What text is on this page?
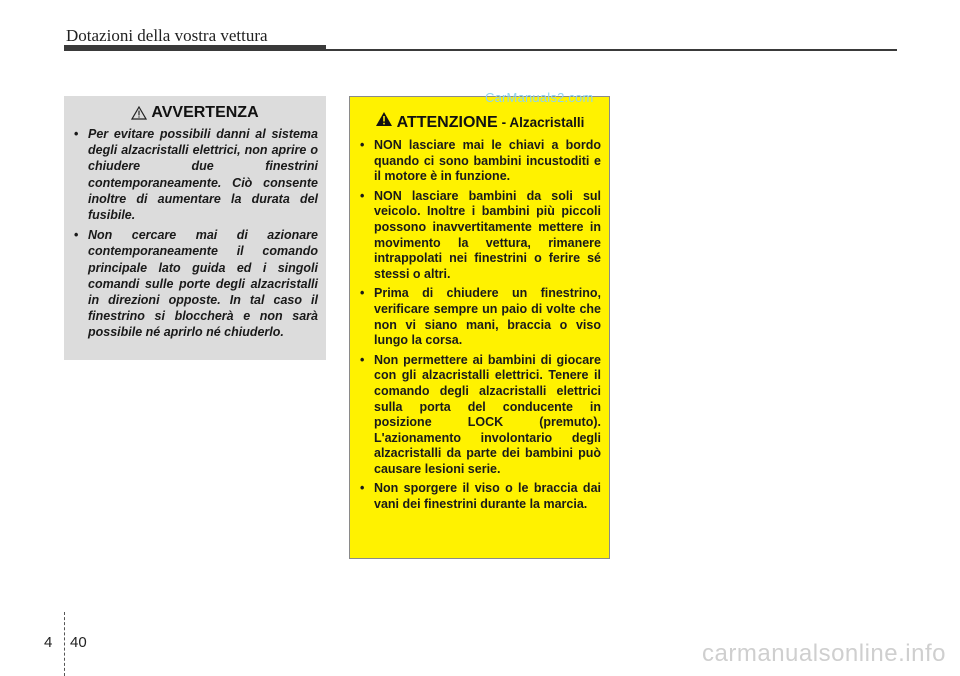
Dotazioni della vostra vettura
AVVERTENZA
• Per evitare possibili danni al sistema degli alzacristalli elettrici, non aprire o chiudere due finestrini contemporaneamente. Ciò consente inoltre di aumentare la durata del fusibile.
• Non cercare mai di azionare contemporaneamente il comando principale lato guida ed i singoli comandi sulle porte degli alzacristalli in direzioni opposte. In tal caso il finestrino si bloccherà e non sarà possibile né aprirlo né chiuderlo.
ATTENZIONE - Alzacristalli
• NON lasciare mai le chiavi a bordo quando ci sono bambini incustoditi e il motore è in funzione.
• NON lasciare bambini da soli sul veicolo. Inoltre i bambini più piccoli possono inavvertitamente mettere in movimento la vettura, rimanere intrappolati nei finestrini o ferire sé stessi o altri.
• Prima di chiudere un finestrino, verificare sempre un paio di volte che non vi siano mani, braccia o viso lungo la corsa.
• Non permettere ai bambini di giocare con gli alzacristalli elettrici. Tenere il comando degli alzacristalli elettrici sulla porta del conducente in posizione LOCK (premuto). L'azionamento involontario degli alzacristalli da parte dei bambini può causare lesioni serie.
• Non sporgere il viso o le braccia dai vani dei finestrini durante la marcia.
CarManuals2.com
4 40	carmanualsonline.info
